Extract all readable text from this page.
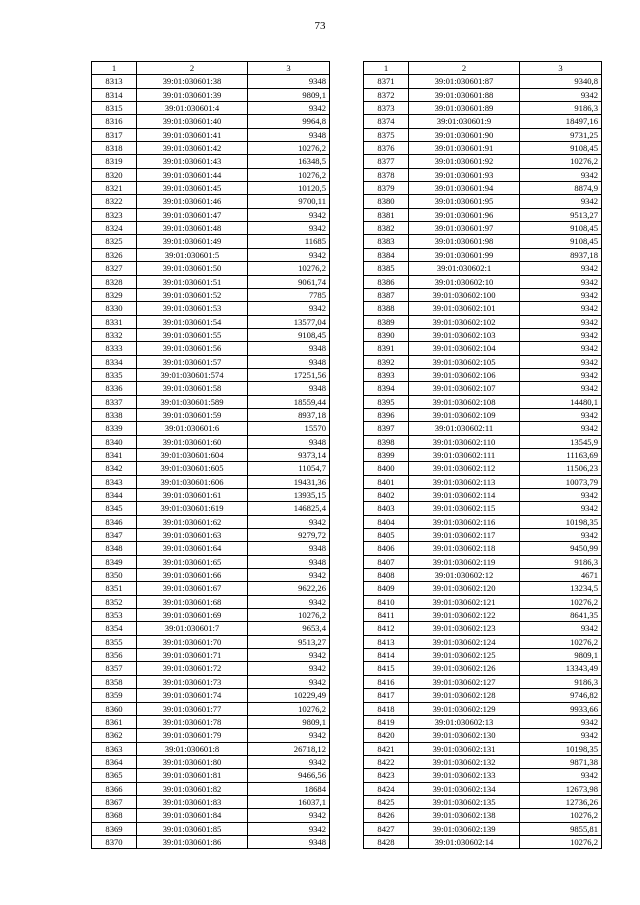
73
1	2	3
8313	39:01:030601:38	9348
8314	39:01:030601:39	9809,1
8315	39:01:030601:4	9342
8316	39:01:030601:40	9964,8
8317	39:01:030601:41	9348
8318	39:01:030601:42	10276,2
8319	39:01:030601:43	16348,5
8320	39:01:030601:44	10276,2
8321	39:01:030601:45	10120,5
8322	39:01:030601:46	9700,11
8323	39:01:030601:47	9342
8324	39:01:030601:48	9342
8325	39:01:030601:49	11685
8326	39:01:030601:5	9342
8327	39:01:030601:50	10276,2
8328	39:01:030601:51	9061,74
8329	39:01:030601:52	7785
8330	39:01:030601:53	9342
8331	39:01:030601:54	13577,04
8332	39:01:030601:55	9108,45
8333	39:01:030601:56	9348
8334	39:01:030601:57	9348
8335	39:01:030601:574	17251,56
8336	39:01:030601:58	9348
8337	39:01:030601:589	18559,44
8338	39:01:030601:59	8937,18
8339	39:01:030601:6	15570
8340	39:01:030601:60	9348
8341	39:01:030601:604	9373,14
8342	39:01:030601:605	11054,7
8343	39:01:030601:606	19431,36
8344	39:01:030601:61	13935,15
8345	39:01:030601:619	146825,4
8346	39:01:030601:62	9342
8347	39:01:030601:63	9279,72
8348	39:01:030601:64	9348
8349	39:01:030601:65	9348
8350	39:01:030601:66	9342
8351	39:01:030601:67	9622,26
8352	39:01:030601:68	9342
8353	39:01:030601:69	10276,2
8354	39:01:030601:7	9653,4
8355	39:01:030601:70	9513,27
8356	39:01:030601:71	9342
8357	39:01:030601:72	9342
8358	39:01:030601:73	9342
8359	39:01:030601:74	10229,49
8360	39:01:030601:77	10276,2
8361	39:01:030601:78	9809,1
8362	39:01:030601:79	9342
8363	39:01:030601:8	26718,12
8364	39:01:030601:80	9342
8365	39:01:030601:81	9466,56
8366	39:01:030601:82	18684
8367	39:01:030601:83	16037,1
8368	39:01:030601:84	9342
8369	39:01:030601:85	9342
8370	39:01:030601:86	9348
1	2	3
8371	39:01:030601:87	9340,8
8372	39:01:030601:88	9342
8373	39:01:030601:89	9186,3
8374	39:01:030601:9	18497,16
8375	39:01:030601:90	9731,25
8376	39:01:030601:91	9108,45
8377	39:01:030601:92	10276,2
8378	39:01:030601:93	9342
8379	39:01:030601:94	8874,9
8380	39:01:030601:95	9342
8381	39:01:030601:96	9513,27
8382	39:01:030601:97	9108,45
8383	39:01:030601:98	9108,45
8384	39:01:030601:99	8937,18
8385	39:01:030602:1	9342
8386	39:01:030602:10	9342
8387	39:01:030602:100	9342
8388	39:01:030602:101	9342
8389	39:01:030602:102	9342
8390	39:01:030602:103	9342
8391	39:01:030602:104	9342
8392	39:01:030602:105	9342
8393	39:01:030602:106	9342
8394	39:01:030602:107	9342
8395	39:01:030602:108	14480,1
8396	39:01:030602:109	9342
8397	39:01:030602:11	9342
8398	39:01:030602:110	13545,9
8399	39:01:030602:111	11163,69
8400	39:01:030602:112	11506,23
8401	39:01:030602:113	10073,79
8402	39:01:030602:114	9342
8403	39:01:030602:115	9342
8404	39:01:030602:116	10198,35
8405	39:01:030602:117	9342
8406	39:01:030602:118	9450,99
8407	39:01:030602:119	9186,3
8408	39:01:030602:12	4671
8409	39:01:030602:120	13234,5
8410	39:01:030602:121	10276,2
8411	39:01:030602:122	8641,35
8412	39:01:030602:123	9342
8413	39:01:030602:124	10276,2
8414	39:01:030602:125	9809,1
8415	39:01:030602:126	13343,49
8416	39:01:030602:127	9186,3
8417	39:01:030602:128	9746,82
8418	39:01:030602:129	9933,66
8419	39:01:030602:13	9342
8420	39:01:030602:130	9342
8421	39:01:030602:131	10198,35
8422	39:01:030602:132	9871,38
8423	39:01:030602:133	9342
8424	39:01:030602:134	12673,98
8425	39:01:030602:135	12736,26
8426	39:01:030602:138	10276,2
8427	39:01:030602:139	9855,81
8428	39:01:030602:14	10276,2
